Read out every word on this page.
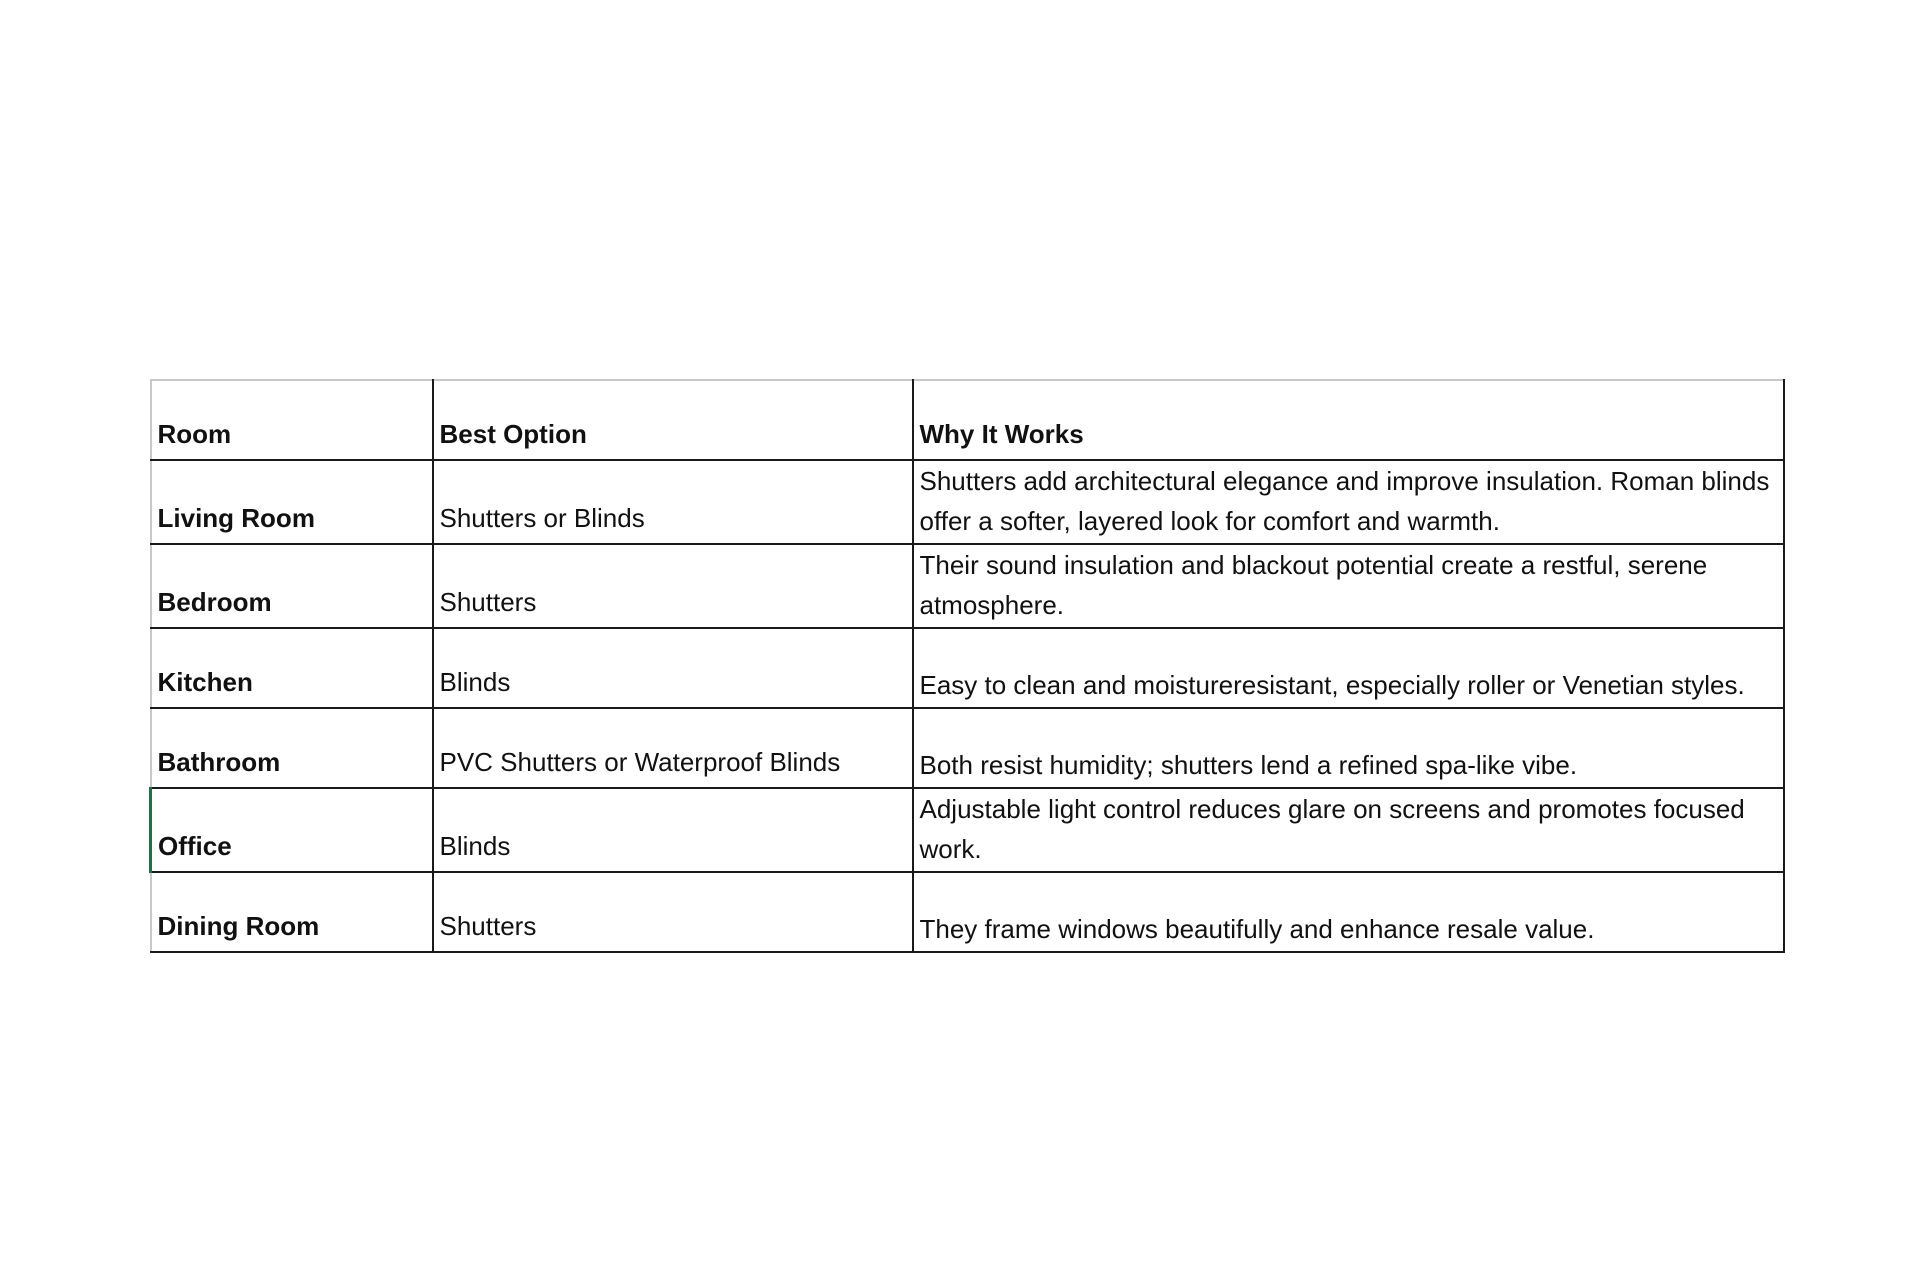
Room	Best Option	Why It Works
Living Room	Shutters or Blinds	Shutters add architectural elegance and improve insulation. Roman blinds offer a softer, layered look for comfort and warmth.
Bedroom	Shutters	Their sound insulation and blackout potential create a restful, serene atmosphere.
Kitchen	Blinds	Easy to clean and moistureresistant, especially roller or Venetian styles.
Bathroom	PVC Shutters or Waterproof Blinds	Both resist humidity; shutters lend a refined spa-like vibe.
Office	Blinds	Adjustable light control reduces glare on screens and promotes focused work.
Dining Room	Shutters	They frame windows beautifully and enhance resale value.
